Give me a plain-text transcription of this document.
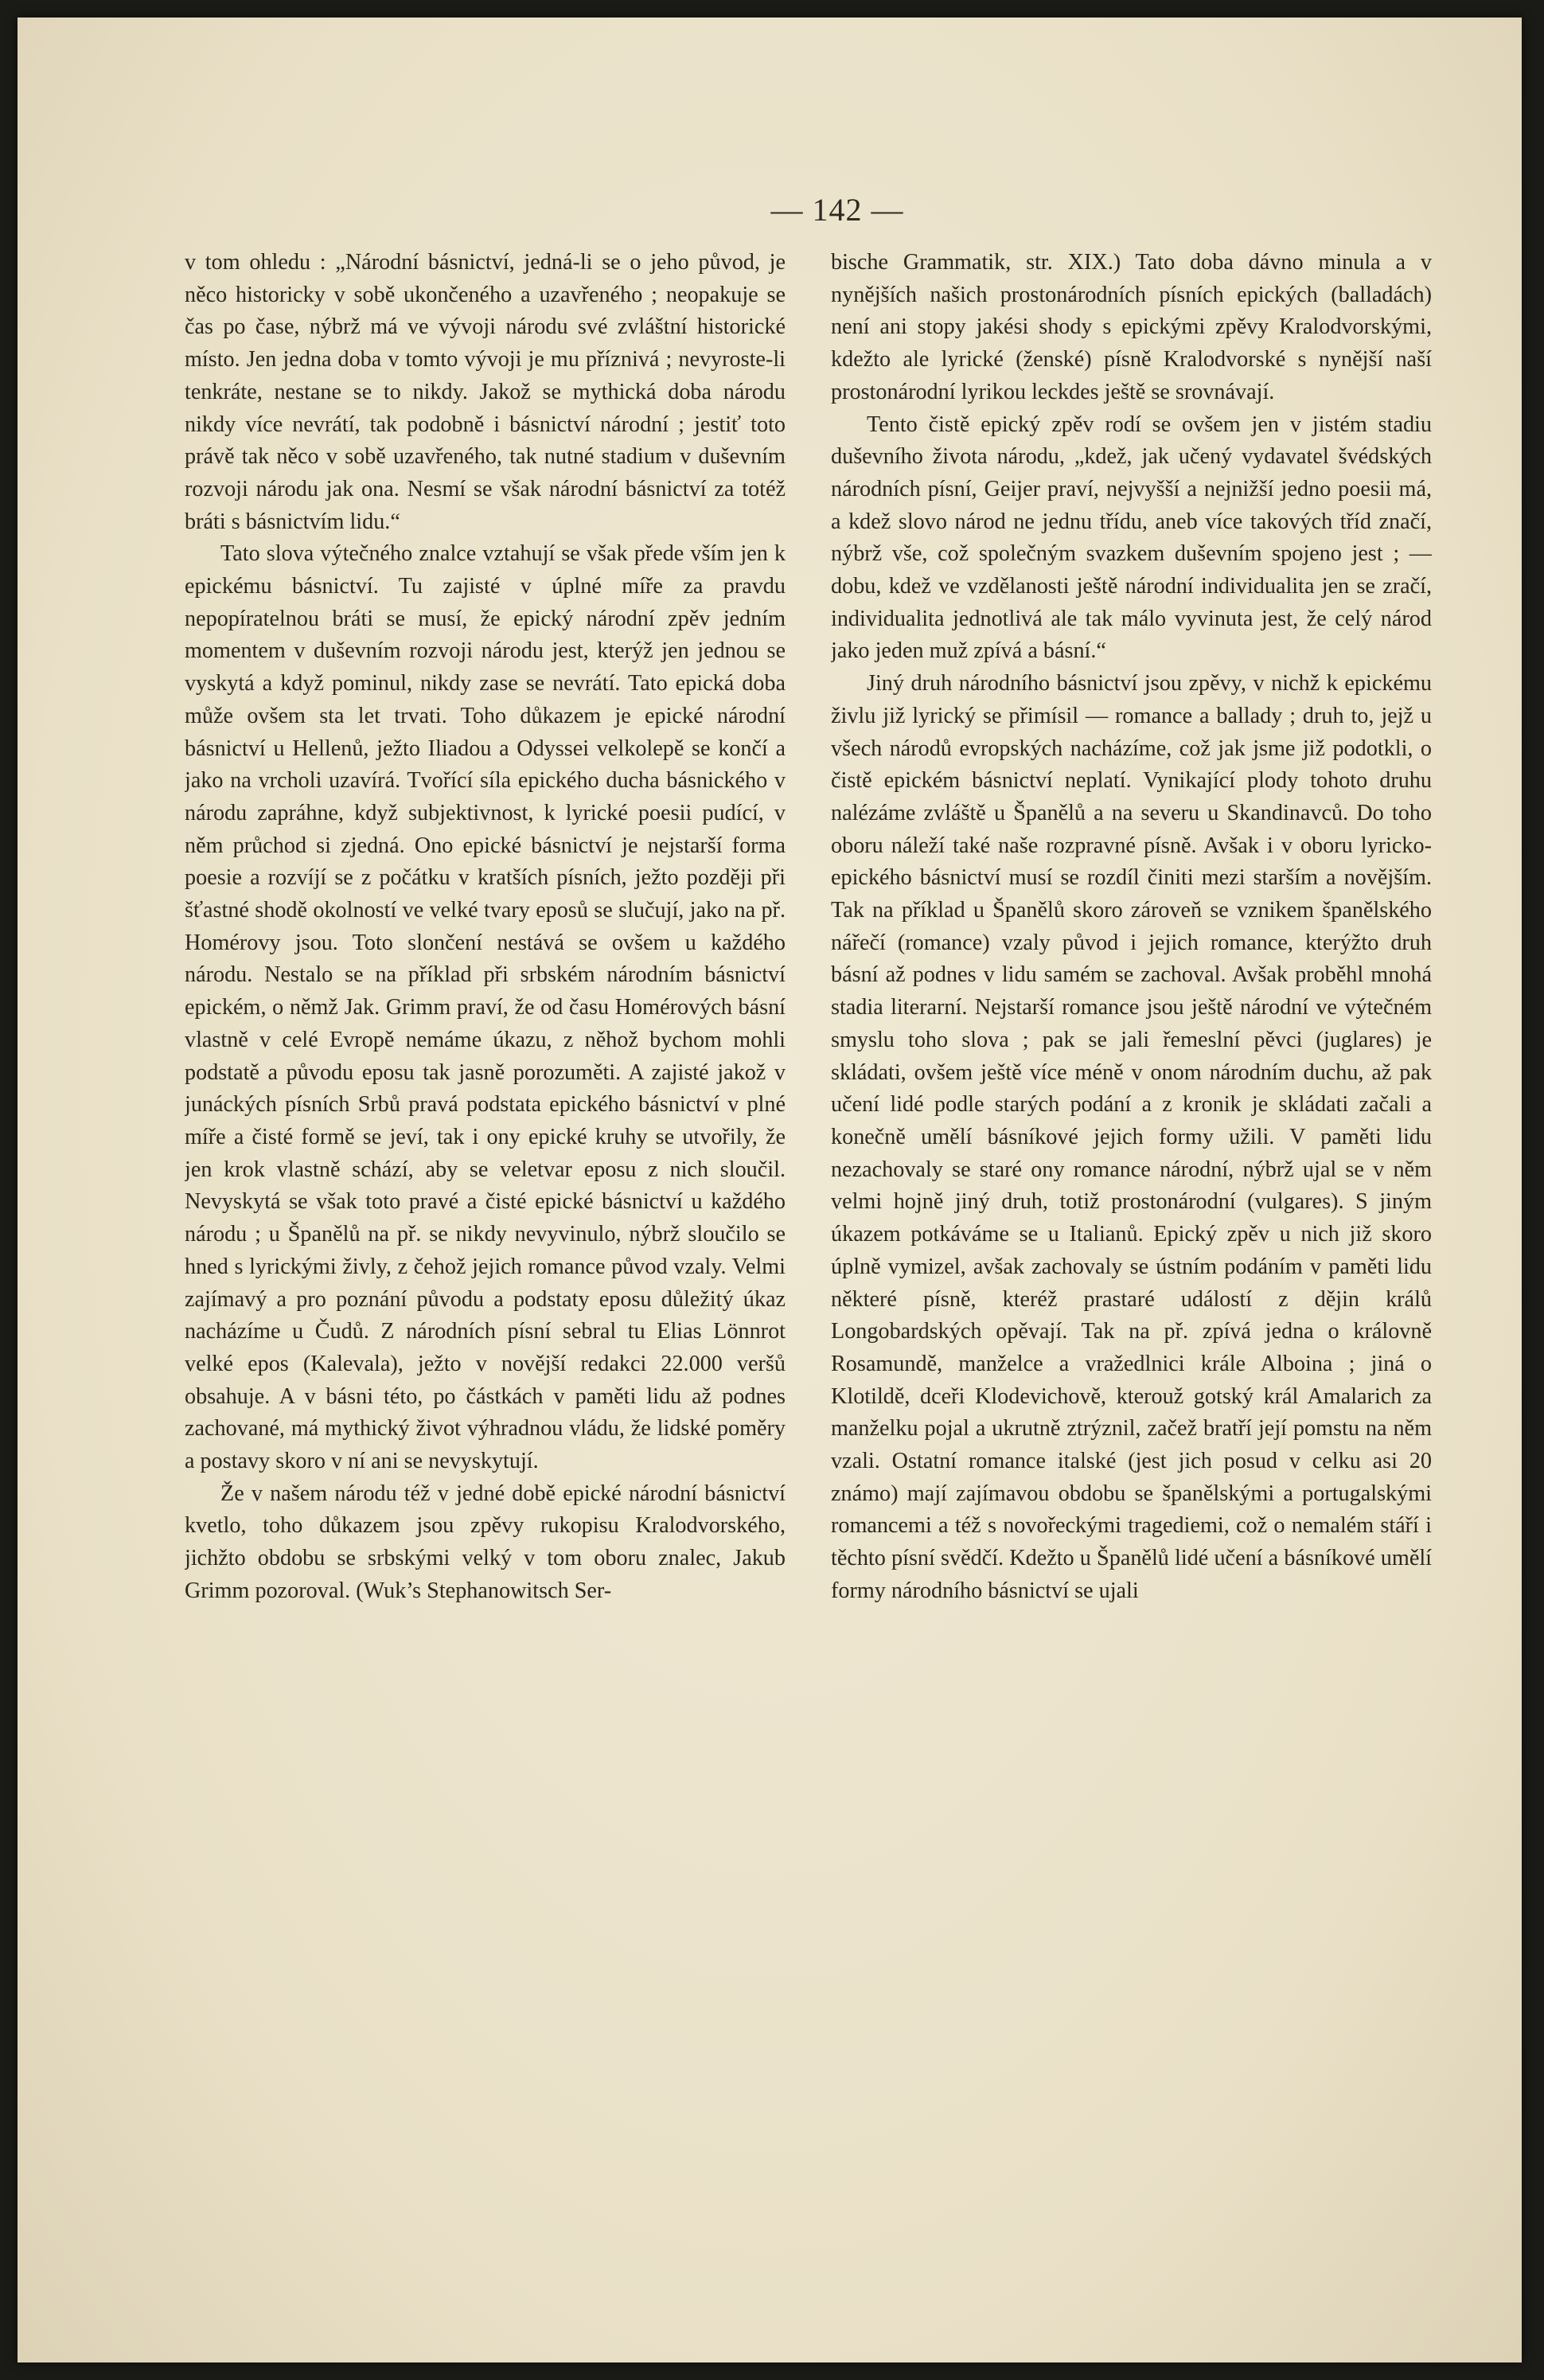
— 142 —

v tom ohledu : „Národní básnictví, jedná-li se o jeho původ, je něco historicky v sobě ukončeného a uzavřeného ; neopakuje se čas po čase, nýbrž má ve vývoji národu své zvláštní historické místo. Jen jedna doba v tomto vývoji je mu příznivá ; nevyroste-li tenkráte, nestane se to nikdy. Jakož se mythická doba národu nikdy více nevrátí, tak podobně i básnictví národní ; jestiť toto právě tak něco v sobě uzavřeného, tak nutné stadium v duševním rozvoji národu jak ona. Nesmí se však národní básnictví za totéž bráti s básnictvím lidu.“

Tato slova výtečného znalce vztahují se však přede vším jen k epickému básnictví. Tu zajisté v úplné míře za pravdu nepopíratelnou bráti se musí, že epický národní zpěv jedním momentem v duševním rozvoji národu jest, kterýž jen jednou se vyskytá a když pominul, nikdy zase se nevrátí. Tato epická doba může ovšem sta let trvati. Toho důkazem je epické národní básnictví u Hellenů, ježto Iliadou a Odyssei velkolepě se končí a jako na vrcholi uzavírá. Tvořící síla epického ducha básnického v národu zapráhne, když subjektivnost, k lyrické poesii pudící, v něm průchod si zjedná. Ono epické básnictví je nejstarší forma poesie a rozvíjí se z počátku v kratších písních, ježto později při šťastné shodě okolností ve velké tvary eposů se slučují, jako na př. Homérovy jsou. Toto slončení nestává se ovšem u každého národu. Nestalo se na příklad při srbském národním básnictví epickém, o němž Jak. Grimm praví, že od času Homérových básní vlastně v celé Evropě nemáme úkazu, z něhož bychom mohli podstatě a původu eposu tak jasně porozuměti. A zajisté jakož v junáckých písních Srbů pravá podstata epického básnictví v plné míře a čisté formě se jeví, tak i ony epické kruhy se utvořily, že jen krok vlastně schází, aby se veletvar eposu z nich sloučil. Nevyskytá se však toto pravé a čisté epické básnictví u každého národu ; u Španělů na př. se nikdy nevyvinulo, nýbrž sloučilo se hned s lyrickými živly, z čehož jejich romance původ vzaly. Velmi zajímavý a pro poznání původu a podstaty eposu důležitý úkaz nacházíme u Čudů. Z národních písní sebral tu Elias Lönnrot velké epos (Kalevala), ježto v novější redakci 22.000 veršů obsahuje. A v básni této, po částkách v paměti lidu až podnes zachované, má mythický život výhradnou vládu, že lidské poměry a postavy skoro v ní ani se nevyskytují.

Že v našem národu též v jedné době epické národní básnictví kvetlo, toho důkazem jsou zpěvy rukopisu Kralodvorského, jichžto obdobu se srbskými velký v tom oboru znalec, Jakub Grimm pozoroval. (Wuk’s Stephanowitsch Ser-

bische Grammatik, str. XIX.) Tato doba dávno minula a v nynějších našich prostonárodních písních epických (balladách) není ani stopy jakési shody s epickými zpěvy Kralodvorskými, kdežto ale lyrické (ženské) písně Kralodvorské s nynější naší prostonárodní lyrikou leckdes ještě se srovnávají.

Tento čistě epický zpěv rodí se ovšem jen v jistém stadiu duševního života národu, „kdež, jak učený vydavatel švédských národních písní, Geijer praví, nejvyšší a nejnižší jedno poesii má, a kdež slovo národ ne jednu třídu, aneb více takových tříd značí, nýbrž vše, což společným svazkem duševním spojeno jest ; — dobu, kdež ve vzdělanosti ještě národní individualita jen se zračí, individualita jednotlivá ale tak málo vyvinuta jest, že celý národ jako jeden muž zpívá a básní.“

Jiný druh národního básnictví jsou zpěvy, v nichž k epickému živlu již lyrický se přimísil — romance a ballady ; druh to, jejž u všech národů evropských nacházíme, což jak jsme již podotkli, o čistě epickém básnictví neplatí. Vynikající plody tohoto druhu nalézáme zvláště u Španělů a na severu u Skandinavců. Do toho oboru náleží také naše rozpravné písně. Avšak i v oboru lyricko-epického básnictví musí se rozdíl činiti mezi starším a novějším. Tak na příklad u Španělů skoro zároveň se vznikem španělského nářečí (romance) vzaly původ i jejich romance, kterýžto druh básní až podnes v lidu samém se zachoval. Avšak proběhl mnohá stadia literarní. Nejstarší romance jsou ještě národní ve výtečném smyslu toho slova ; pak se jali řemeslní pěvci (juglares) je skládati, ovšem ještě více méně v onom národním duchu, až pak učení lidé podle starých podání a z kronik je skládati začali a konečně umělí básníkové jejich formy užili. V paměti lidu nezachovaly se staré ony romance národní, nýbrž ujal se v něm velmi hojně jiný druh, totiž prostonárodní (vulgares). S jiným úkazem potkáváme se u Italianů. Epický zpěv u nich již skoro úplně vymizel, avšak zachovaly se ústním podáním v paměti lidu některé písně, kteréž prastaré událostí z dějin králů Longobardských opěvají. Tak na př. zpívá jedna o královně Rosamundě, manželce a vražedlnici krále Alboina ; jiná o Klotildě, dceři Klodevichově, kterouž gotský král Amalarich za manželku pojal a ukrutně ztrýznil, začež bratří její pomstu na něm vzali. Ostatní romance italské (jest jich posud v celku asi 20 známo) mají zajímavou obdobu se španělskými a portugalskými romancemi a též s novořeckými tragediemi, což o nemalém stáří i těchto písní svědčí. Kdežto u Španělů lidé učení a básníkové umělí formy národního básnictví se ujali
